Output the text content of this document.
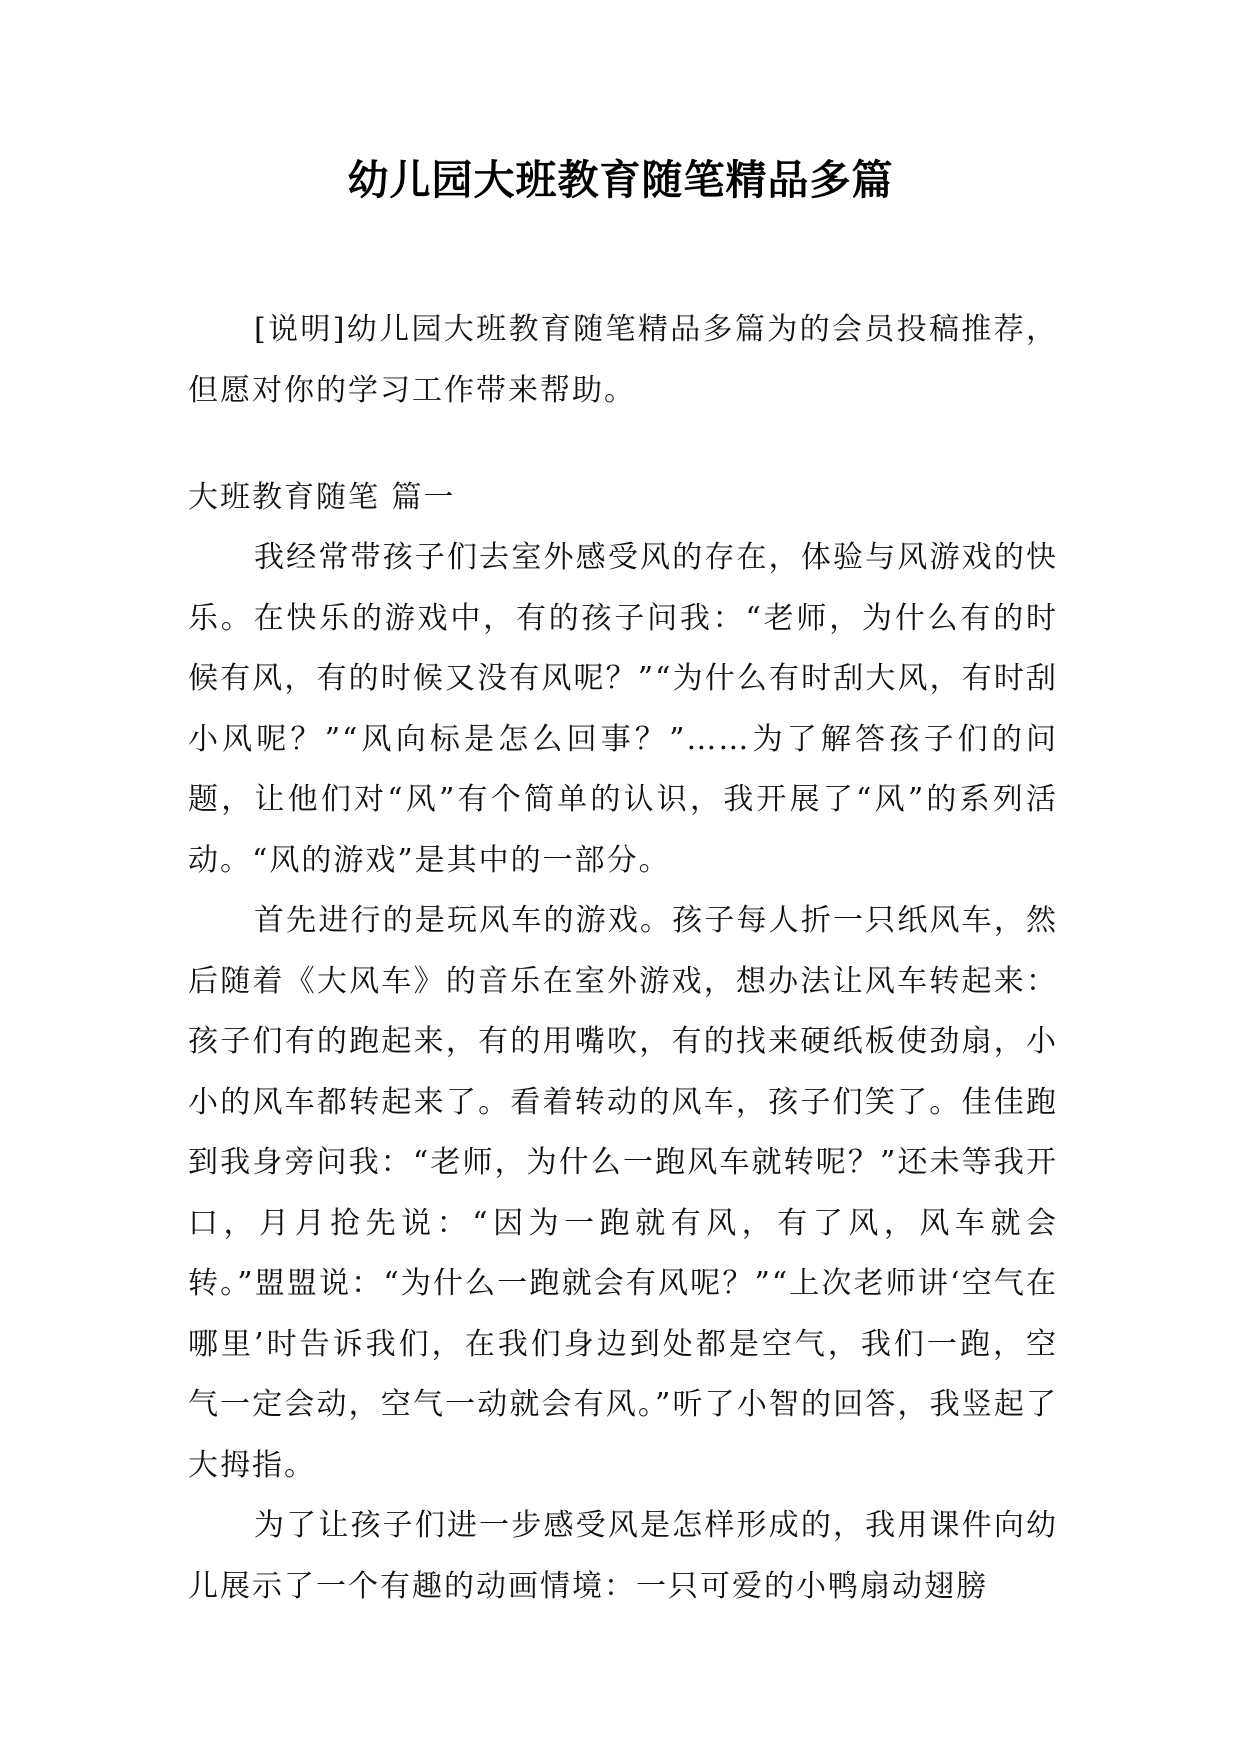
幼儿园大班教育随笔精品多篇

[说明]幼儿园大班教育随笔精品多篇为的会员投稿推荐，但愿对你的学习工作带来帮助。

大班教育随笔 篇一

我经常带孩子们去室外感受风的存在，体验与风游戏的快乐。在快乐的游戏中，有的孩子问我：“老师，为什么有的时候有风，有的时候又没有风呢？”“为什么有时刮大风，有时刮小风呢？”“风向标是怎么回事？”……为了解答孩子们的问题，让他们对“风”有个简单的认识，我开展了“风”的系列活动。“风的游戏”是其中的一部分。

首先进行的是玩风车的游戏。孩子每人折一只纸风车，然后随着《大风车》的音乐在室外游戏，想办法让风车转起来：孩子们有的跑起来，有的用嘴吹，有的找来硬纸板使劲扇，小小的风车都转起来了。看着转动的风车，孩子们笑了。佳佳跑到我身旁问我：“老师，为什么一跑风车就转呢？”还未等我开口，月月抢先说：“因为一跑就有风，有了风，风车就会转。”盟盟说：“为什么一跑就会有风呢？”“上次老师讲‘空气在哪里’时告诉我们，在我们身边到处都是空气，我们一跑，空气一定会动，空气一动就会有风。”听了小智的回答，我竖起了大拇指。

为了让孩子们进一步感受风是怎样形成的，我用课件向幼儿展示了一个有趣的动画情境：一只可爱的小鸭扇动翅膀
